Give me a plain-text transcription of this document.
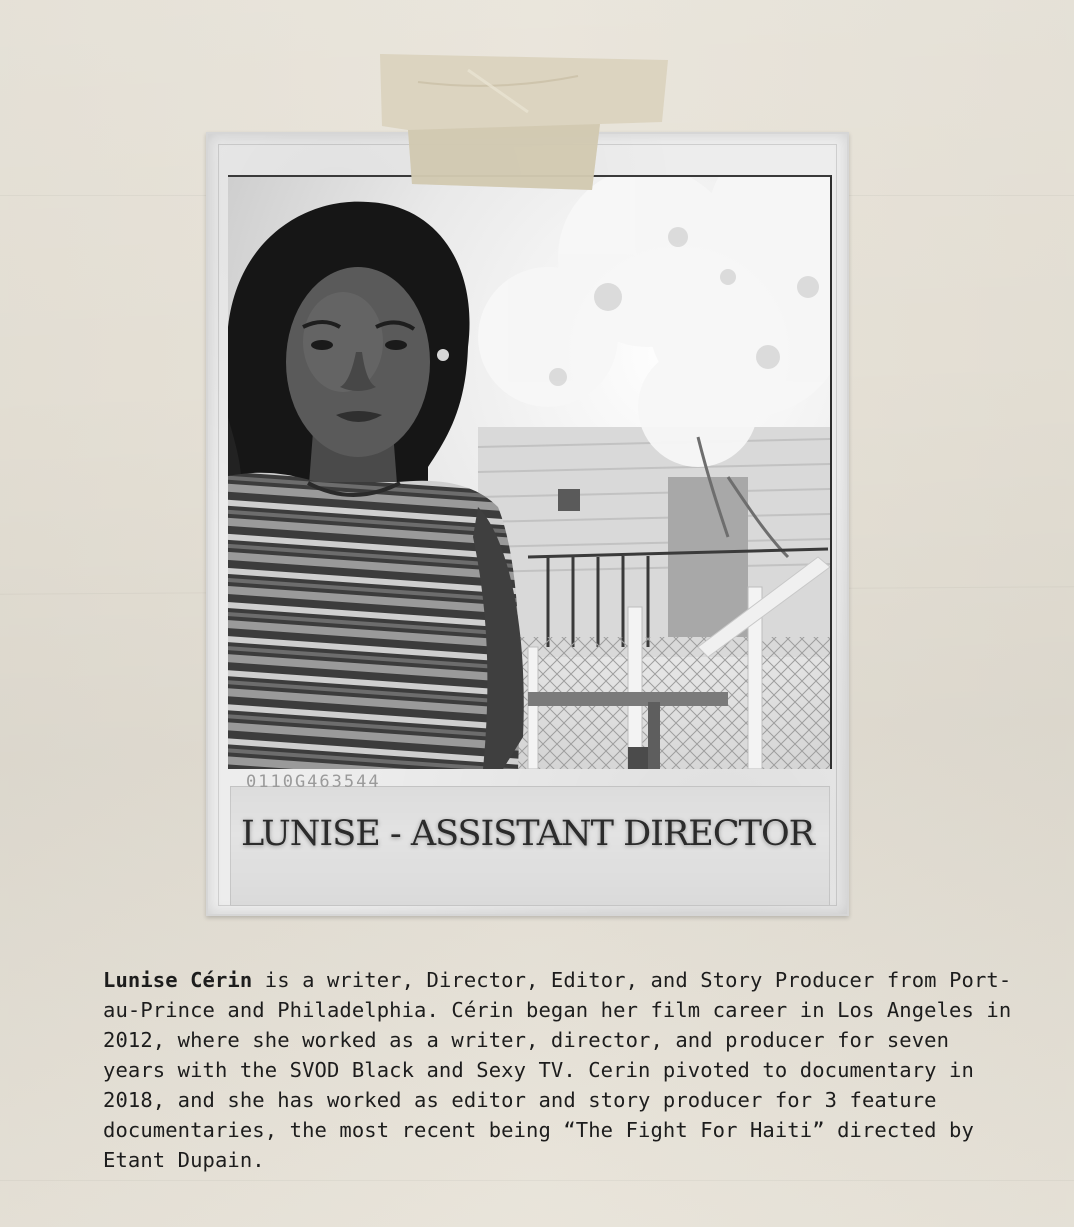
0110G463544
LUNISE - ASSISTANT DIRECTOR
Lunise Cérin is a writer, Director, Editor, and Story Producer from Port-
au-Prince and Philadelphia. Cérin began her film career in Los Angeles in
2012, where she worked as a writer, director, and producer for seven
years with the SVOD Black and Sexy TV. Cerin pivoted to documentary in
2018, and she has worked as editor and story producer for 3 feature
documentaries, the most recent being “The Fight For Haiti” directed by
Etant Dupain.
